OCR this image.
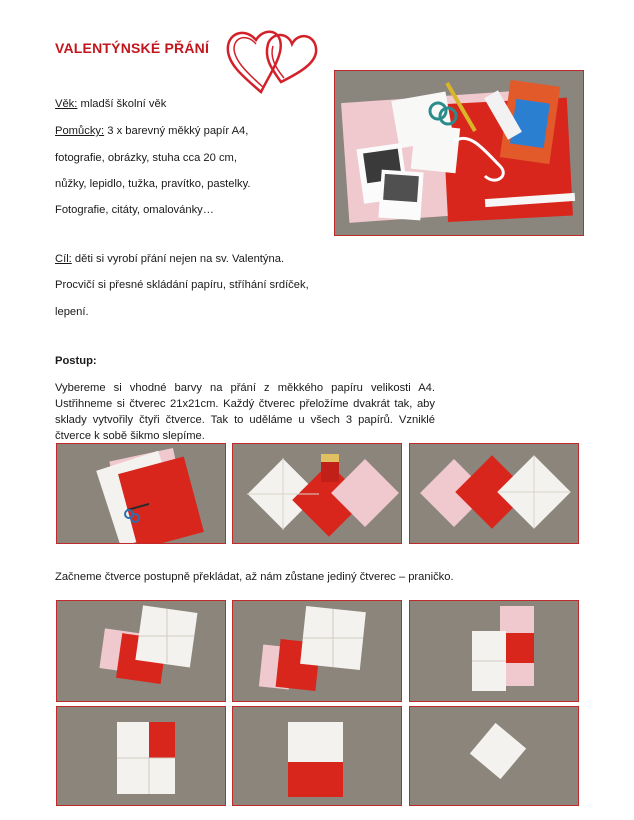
VALENTÝNSKÉ PŘÁNÍ
Věk: mladší školní věk
Pomůcky: 3 x barevný měkký papír A4,
fotografie, obrázky, stuha cca 20 cm,
nůžky, lepidlo, tužka, pravítko, pastelky.
Fotografie, citáty, omalovánky…
Cíl: děti si vyrobí přání nejen na sv. Valentýna.
Procvičí si přesné skládání papíru, stříhání srdíček,
lepení.
Postup:
Vybereme si vhodné barvy na přání z měkkého papíru velikosti A4. Ustřihneme si čtverec 21x21cm. Každý čtverec přeložíme dvakrát tak, aby sklady vytvořily čtyři čtverce. Tak to uděláme u všech 3 papírů. Vzniklé čtverce k sobě šikmo slepíme.
Začneme čtverce postupně překládat, až nám zůstane jediný čtverec – praničko.
